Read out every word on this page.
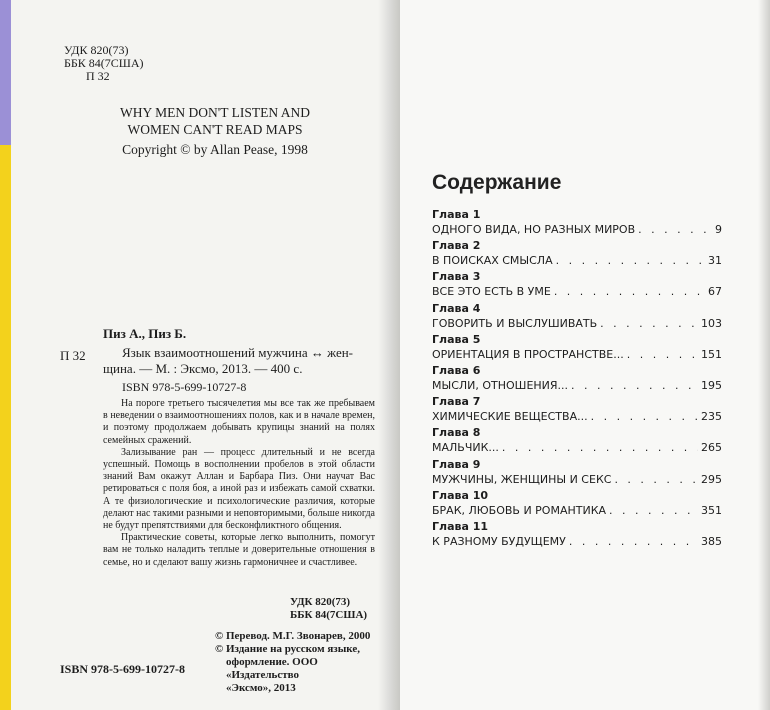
УДК 820(73)
ББК 84(7США)
П 32
WHY MEN DON'T LISTEN AND
WOMEN CAN'T READ MAPS
Copyright © by Allan Pease, 1998
Пиз А., Пиз Б.
П 32	Язык взаимоотношений мужчина ↔ жен-
щина. — М. : Эксмо, 2013. — 400 с.
ISBN 978-5-699-10727-8

На пороге третьего тысячелетия мы все так же пребываем в неведении о взаимоотношениях полов, как и в начале времен, и поэтому продолжаем добывать крупицы знаний на полях семейных сражений.

Зализывание ран — процесс длительный и не всегда успешный. Помощь в восполнении пробелов в этой области знаний Вам окажут Аллан и Барбара Пиз. Они научат Вас ретироваться с поля боя, а иной раз и избежать самой схватки. А те физиологические и психологические различия, которые делают нас такими разными и неповторимыми, больше никогда не будут препятствиями для бесконфликтного общения.

Практические советы, которые легко выполнить, помогут вам не только наладить теплые и доверительные отношения в семье, но и сделают вашу жизнь гармоничнее и счастливее.

УДК 820(73)
ББК 84(7США)
© Перевод. М.Г. Звонарев, 2000
© Издание на русском языке,
оформление. ООО «Издательство
«Эксмо», 2013
ISBN 978-5-699-10727-8
Содержание
Глава 1
ОДНОГО ВИДА, НО РАЗНЫХ МИРОВ . . .	9
Глава 2
В ПОИСКАХ СМЫСЛА . . .	31
Глава 3
ВСЕ ЭТО ЕСТЬ В УМЕ . . .	67
Глава 4
ГОВОРИТЬ И ВЫСЛУШИВАТЬ . . .	103
Глава 5
ОРИЕНТАЦИЯ В ПРОСТРАНСТВЕ... . . .	151
Глава 6
МЫСЛИ, ОТНОШЕНИЯ... . . .	195
Глава 7
ХИМИЧЕСКИЕ ВЕЩЕСТВА... . . .	235
Глава 8
МАЛЬЧИК... . . .	265
Глава 9
МУЖЧИНЫ, ЖЕНЩИНЫ И СЕКС . . .	295
Глава 10
БРАК, ЛЮБОВЬ И РОМАНТИКА . . .	351
Глава 11
К РАЗНОМУ БУДУЩЕМУ . . .	385
